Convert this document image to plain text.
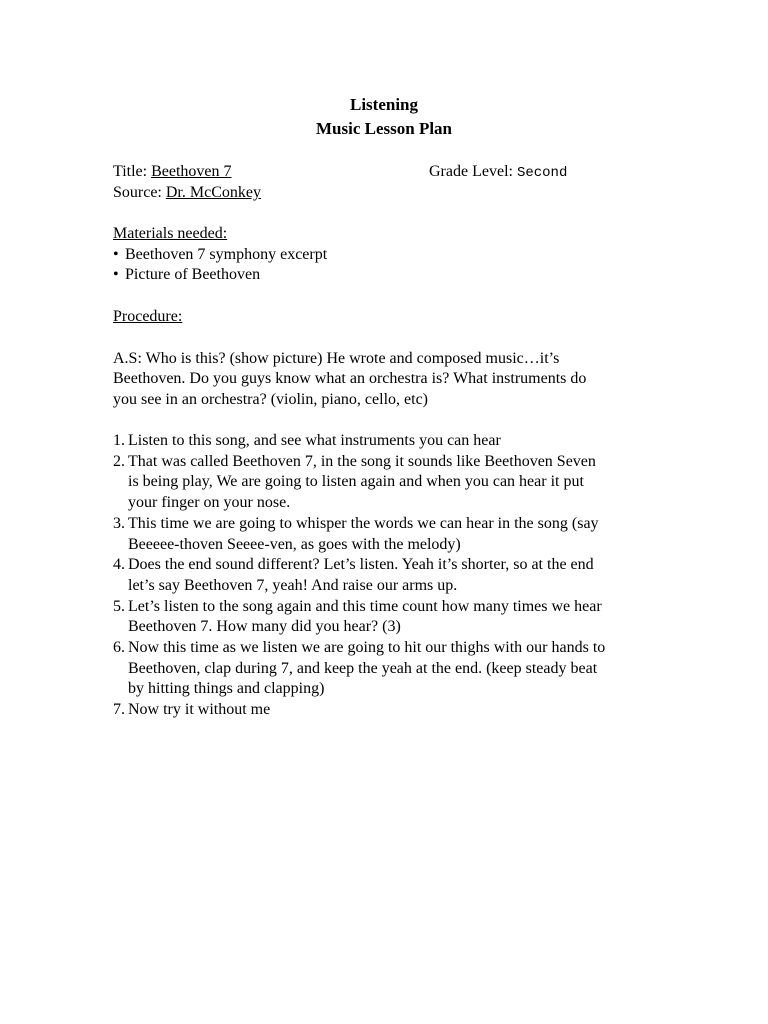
Listening
Music Lesson Plan
Title: Beethoven 7	Grade Level: Second
Source: Dr. McConkey
Materials needed:
• Beethoven 7 symphony excerpt
• Picture of Beethoven
Procedure:
A.S: Who is this? (show picture) He wrote and composed music…it’s
Beethoven. Do you guys know what an orchestra is? What instruments do
you see in an orchestra? (violin, piano, cello, etc)
1. Listen to this song, and see what instruments you can hear
2. That was called Beethoven 7, in the song it sounds like Beethoven Seven
is being play, We are going to listen again and when you can hear it put
your finger on your nose.
3. This time we are going to whisper the words we can hear in the song (say
Beeeee-thoven Seeee-ven, as goes with the melody)
4. Does the end sound different? Let’s listen. Yeah it’s shorter, so at the end
let’s say Beethoven 7, yeah! And raise our arms up.
5. Let’s listen to the song again and this time count how many times we hear
Beethoven 7. How many did you hear? (3)
6. Now this time as we listen we are going to hit our thighs with our hands to
Beethoven, clap during 7, and keep the yeah at the end. (keep steady beat
by hitting things and clapping)
7. Now try it without me
